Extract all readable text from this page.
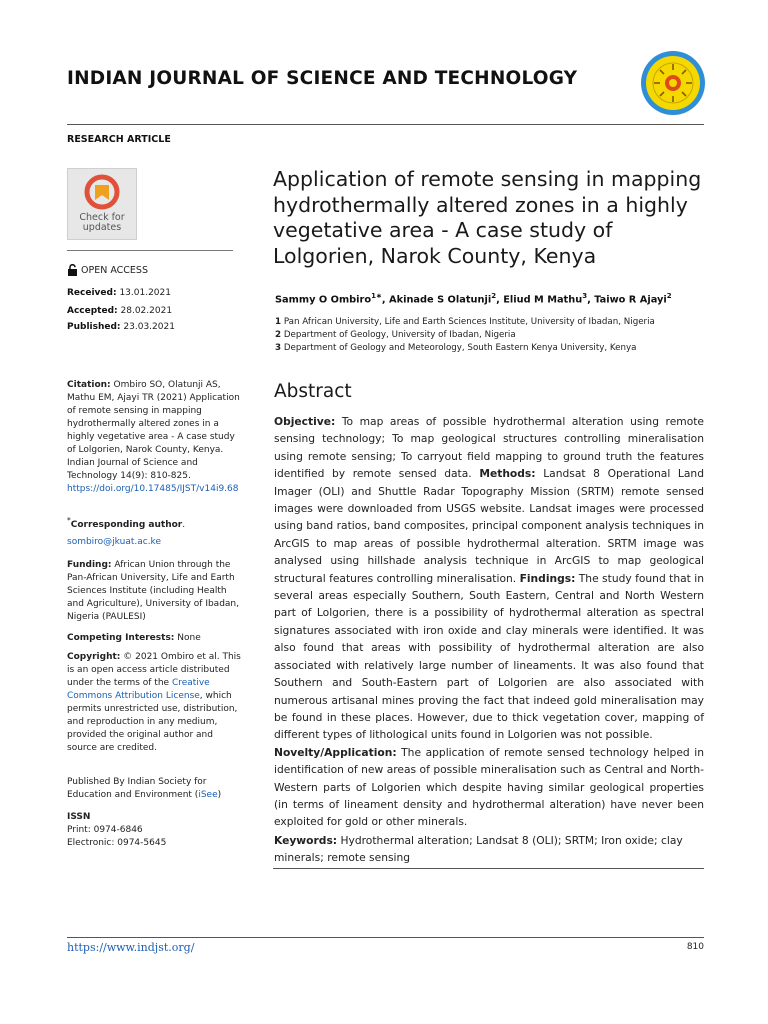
INDIAN JOURNAL OF SCIENCE AND TECHNOLOGY
RESEARCH ARTICLE
Check for
updates
OPEN ACCESS
Received: 13.01.2021
Accepted: 28.02.2021
Published: 23.03.2021

Citation: Ombiro SO, Olatunji AS, Mathu EM, Ajayi TR (2021) Application of remote sensing in mapping hydrothermally altered zones in a highly vegetative area - A case study of Lolgorien, Narok County, Kenya. Indian Journal of Science and Technology 14(9): 810-825. https://doi.org/10.17485/IJST/v14i9.68

*Corresponding author.

sombiro@jkuat.ac.ke

Funding: African Union through the Pan-African University, Life and Earth Sciences Institute (including Health and Agriculture), University of Ibadan, Nigeria (PAULESI)

Competing Interests: None

Copyright: © 2021 Ombiro et al. This is an open access article distributed under the terms of the Creative Commons Attribution License, which permits unrestricted use, distribution, and reproduction in any medium, provided the original author and source are credited.

Published By Indian Society for Education and Environment (iSee)

ISSN

Print: 0974-6846

Electronic: 0974-5645

Application of remote sensing in mapping hydrothermally altered zones in a highly vegetative area - A case study of Lolgorien, Narok County, Kenya
Sammy O Ombiro$^{1∗}$, Akinade S Olatunji$^2$, Eliud M Mathu$^3$, Taiwo R Ajayi$^2$
1 Pan African University, Life and Earth Sciences Institute, University of Ibadan, Nigeria
2 Department of Geology, University of Ibadan, Nigeria
3 Department of Geology and Meteorology, South Eastern Kenya University, Kenya
Abstract

Objective: To map areas of possible hydrothermal alteration using remote sensing technology; To map geological structures controlling mineralisation using remote sensing; To carryout field mapping to ground truth the features identified by remote sensed data. Methods: Landsat 8 Operational Land Imager (OLI) and Shuttle Radar Topography Mission (SRTM) remote sensed images were downloaded from USGS website. Landsat images were processed using band ratios, band composites, principal component analysis techniques in ArcGIS to map areas of possible hydrothermal alteration. SRTM image was analysed using hillshade analysis technique in ArcGIS to map geological structural features controlling mineralisation. Findings: The study found that in several areas especially Southern, South Eastern, Central and North Western part of Lolgorien, there is a possibility of hydrothermal alteration as spectral signatures associated with iron oxide and clay minerals were identified. It was also found that areas with possibility of hydrothermal alteration are also associated with relatively large number of lineaments. It was also found that Southern and South-Eastern part of Lolgorien are also associated with numerous artisanal mines proving the fact that indeed gold mineralisation may be found in these places. However, due to thick vegetation cover, mapping of different types of lithological units found in Lolgorien was not possible.

Novelty/Application: The application of remote sensed technology helped in identification of new areas of possible mineralisation such as Central and North-Western parts of Lolgorien which despite having similar geological properties (in terms of lineament density and hydrothermal alteration) have never been exploited for gold or other minerals.

Keywords: Hydrothermal alteration; Landsat 8 (OLI); SRTM; Iron oxide; clay minerals; remote sensing
https://www.indjst.org/	810
